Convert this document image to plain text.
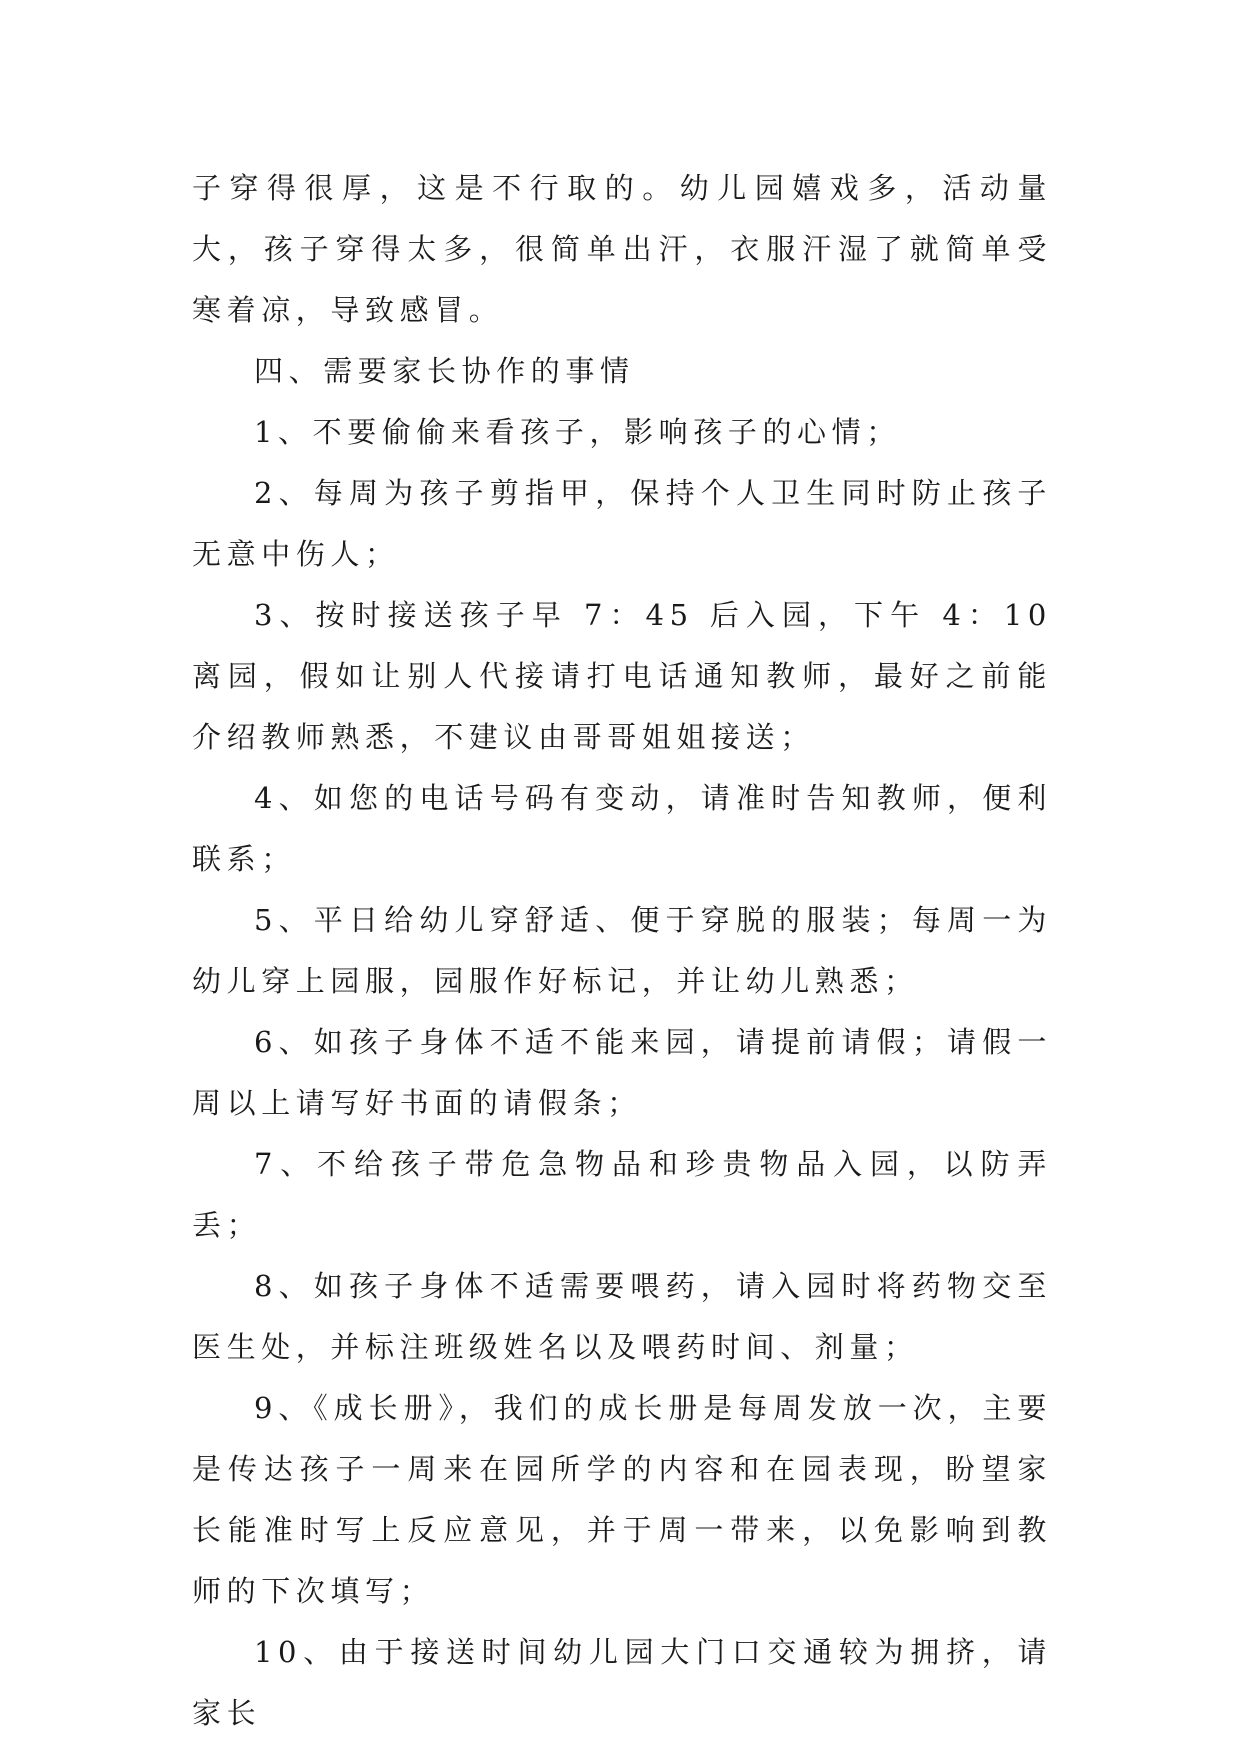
子穿得很厚，这是不行取的。幼儿园嬉戏多，活动量大，孩子穿得太多，很简单出汗，衣服汗湿了就简单受寒着凉，导致感冒。

四、需要家长协作的事情

1、不要偷偷来看孩子，影响孩子的心情；

2、每周为孩子剪指甲，保持个人卫生同时防止孩子无意中伤人；

3、按时接送孩子早 7：45 后入园，下午 4：10 离园，假如让别人代接请打电话通知教师，最好之前能介绍教师熟悉，不建议由哥哥姐姐接送；

4、如您的电话号码有变动，请准时告知教师，便利联系；

5、平日给幼儿穿舒适、便于穿脱的服装；每周一为幼儿穿上园服，园服作好标记，并让幼儿熟悉；

6、如孩子身体不适不能来园，请提前请假；请假一周以上请写好书面的请假条；

7、不给孩子带危急物品和珍贵物品入园，以防弄丢；

8、如孩子身体不适需要喂药，请入园时将药物交至医生处，并标注班级姓名以及喂药时间、剂量；

9、《成长册》，我们的成长册是每周发放一次，主要是传达孩子一周来在园所学的内容和在园表现，盼望家长能准时写上反应意见，并于周一带来，以免影响到教师的下次填写；

10、由于接送时间幼儿园大门口交通较为拥挤，请家长
